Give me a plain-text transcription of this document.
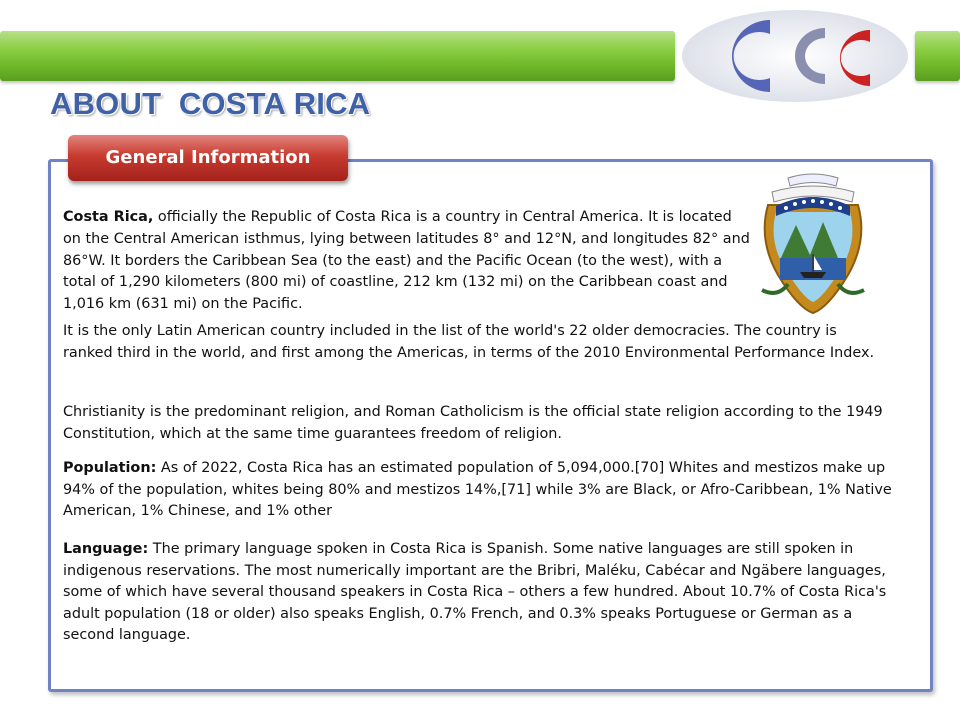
ABOUT  COSTA RICA
General Information

Costa Rica, officially the Republic of Costa Rica is a country in Central America. It is located on the Central American isthmus, lying between latitudes 8° and 12°N, and longitudes 82° and 86°W. It borders the Caribbean Sea (to the east) and the Pacific Ocean (to the west), with a total of 1,290 kilometers (800 mi) of coastline, 212 km (132 mi) on the Caribbean coast and 1,016 km (631 mi) on the Pacific.

It is the only Latin American country included in the list of the world's 22 older democracies. The country is ranked third in the world, and first among the Americas, in terms of the 2010 Environmental Performance Index.

Christianity is the predominant religion, and Roman Catholicism is the official state religion according to the 1949 Constitution, which at the same time guarantees freedom of religion.

Population: As of 2022, Costa Rica has an estimated population of 5,094,000.[70] Whites and mestizos make up 94% of the population, whites being 80% and mestizos 14%,[71] while 3% are Black, or Afro-Caribbean, 1% Native American, 1% Chinese, and 1% other

Language: The primary language spoken in Costa Rica is Spanish. Some native languages are still spoken in indigenous reservations. The most numerically important are the Bribri, Maléku, Cabécar and Ngäbere languages, some of which have several thousand speakers in Costa Rica – others a few hundred. About 10.7% of Costa Rica's adult population (18 or older) also speaks English, 0.7% French, and 0.3% speaks Portuguese or German as a second language.
